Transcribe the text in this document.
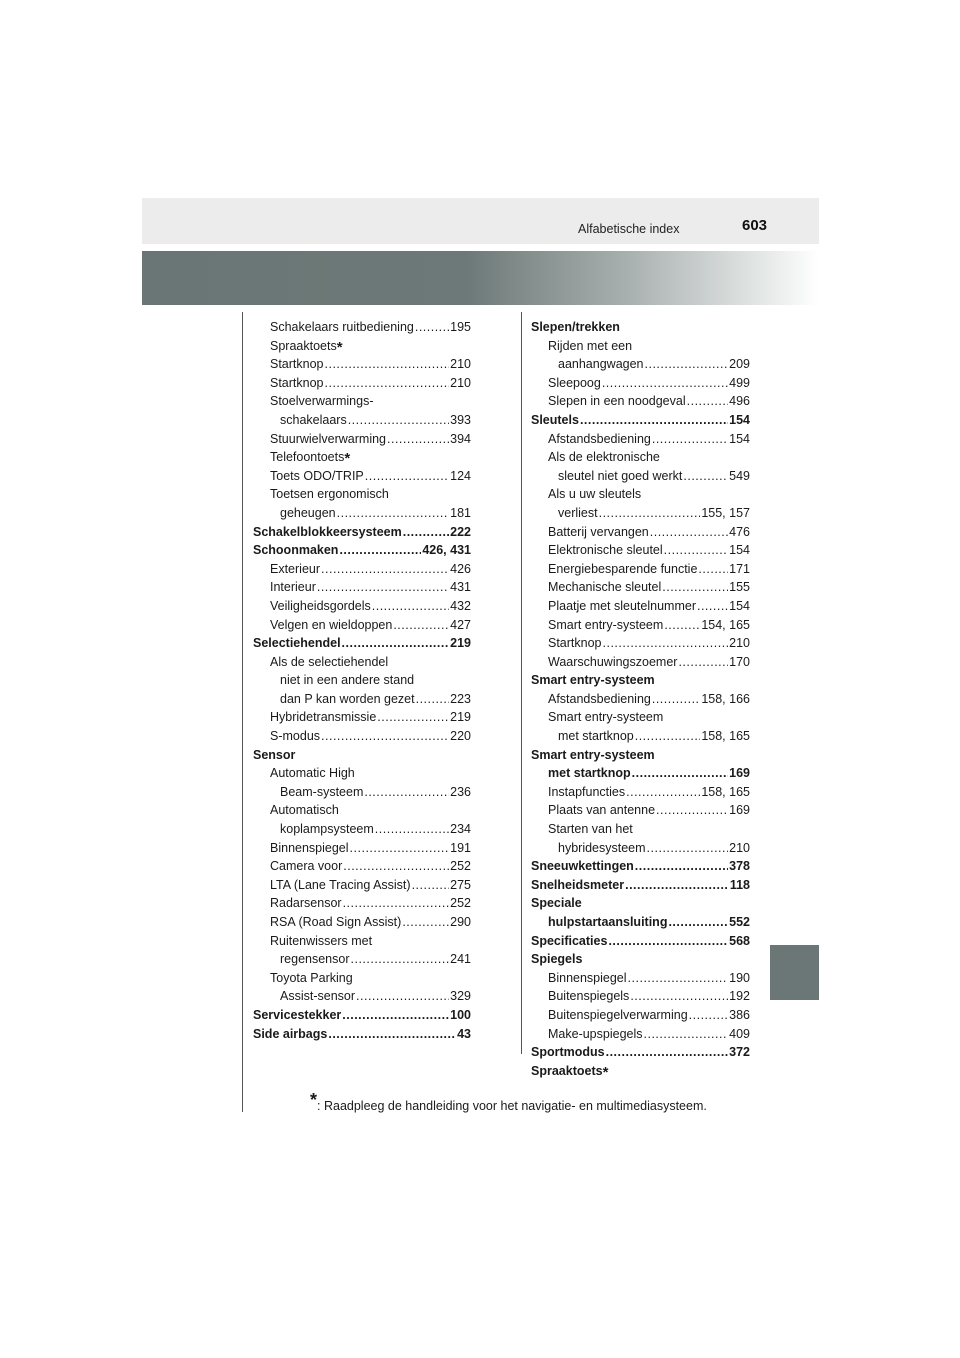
Alfabetische index	603
Schakelaars ruitbediening .....	195
Spraaktoets*
Startknop .....	210
Startknop .....	210
Stoelverwarmings-
schakelaars .....	393
Stuurwielverwarming .....	394
Telefoontoets*
Toets ODO/TRIP .....	124
Toetsen ergonomisch
geheugen .....	181
Schakelblokkeersysteem .....	222
Schoonmaken .....	426, 431
Exterieur .....	426
Interieur .....	431
Veiligheidsgordels .....	432
Velgen en wieldoppen .....	427
Selectiehendel .....	219
Als de selectiehendel
niet in een andere stand
dan P kan worden gezet .....	223
Hybridetransmissie .....	219
S-modus .....	220
Sensor
Automatic High
Beam-systeem .....	236
Automatisch
koplampsysteem .....	234
Binnenspiegel .....	191
Camera voor .....	252
LTA (Lane Tracing Assist) .....	275
Radarsensor .....	252
RSA (Road Sign Assist) .....	290
Ruitenwissers met
regensensor .....	241
Toyota Parking
Assist-sensor .....	329
Servicestekker .....	100
Side airbags .....	43
Slepen/trekken
Rijden met een
aanhangwagen .....	209
Sleepoog .....	499
Slepen in een noodgeval .....	496
Sleutels .....	154
Afstandsbediening .....	154
Als de elektronische
sleutel niet goed werkt .....	549
Als u uw sleutels
verliest .....	155, 157
Batterij vervangen .....	476
Elektronische sleutel .....	154
Energiebesparende functie .....	171
Mechanische sleutel .....	155
Plaatje met sleutelnummer .....	154
Smart entry-systeem .....	154, 165
Startknop .....	210
Waarschuwingszoemer .....	170
Smart entry-systeem
Afstandsbediening .....	158, 166
Smart entry-systeem
met startknop .....	158, 165
Smart entry-systeem
met startknop .....	169
Instapfuncties .....	158, 165
Plaats van antenne .....	169
Starten van het
hybridesysteem .....	210
Sneeuwkettingen .....	378
Snelheidsmeter .....	118
Speciale
hulpstartaansluiting .....	552
Specificaties .....	568
Spiegels
Binnenspiegel .....	190
Buitenspiegels .....	192
Buitenspiegelverwarming .....	386
Make-upspiegels .....	409
Sportmodus .....	372
Spraaktoets*
*: Raadpleeg de handleiding voor het navigatie- en multimediasysteem.
